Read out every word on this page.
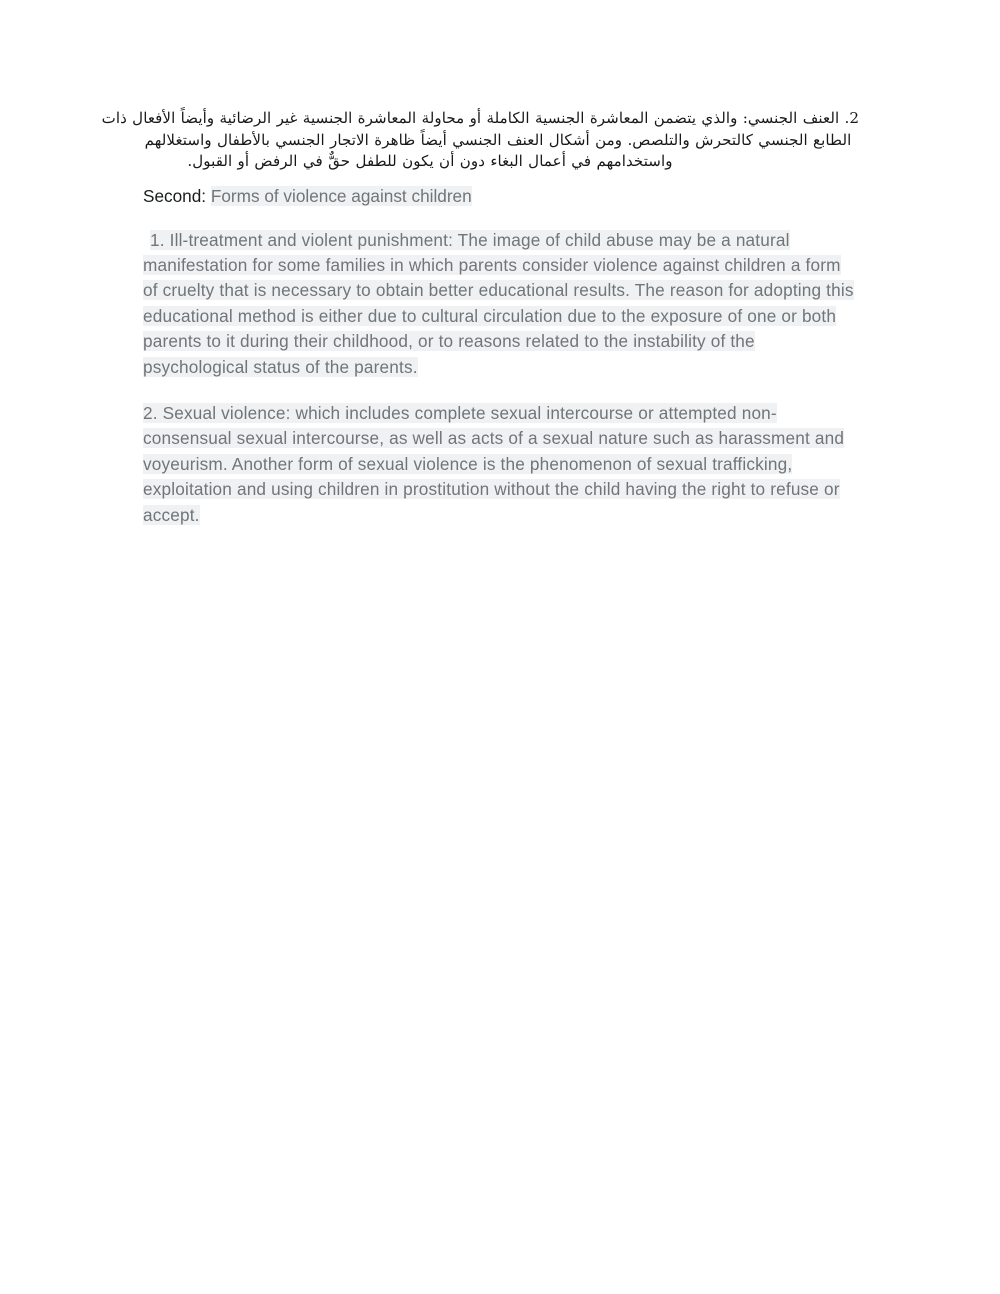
2. العنف الجنسي: والذي يتضمن المعاشرة الجنسية الكاملة أو محاولة المعاشرة الجنسية غير الرضائية وأيضاً الأفعال ذات
الطابع الجنسي كالتحرش والتلصص. ومن أشكال العنف الجنسي أيضاً ظاهرة الاتجار الجنسي بالأطفال واستغلالهم
واستخدامهم في أعمال البغاء دون أن يكون للطفل حقٌّ في الرفض أو القبول.

Second: Forms of violence against children

1. Ill-treatment and violent punishment: The image of child abuse may be a natural manifestation for some families in which parents consider violence against children a form of cruelty that is necessary to obtain better educational results. The reason for adopting this educational method is either due to cultural circulation due to the exposure of one or both parents to it during their childhood, or to reasons related to the instability of the psychological status of the parents.

2. Sexual violence: which includes complete sexual intercourse or attempted non-consensual sexual intercourse, as well as acts of a sexual nature such as harassment and voyeurism. Another form of sexual violence is the phenomenon of sexual trafficking, exploitation and using children in prostitution without the child having the right to refuse or accept.
